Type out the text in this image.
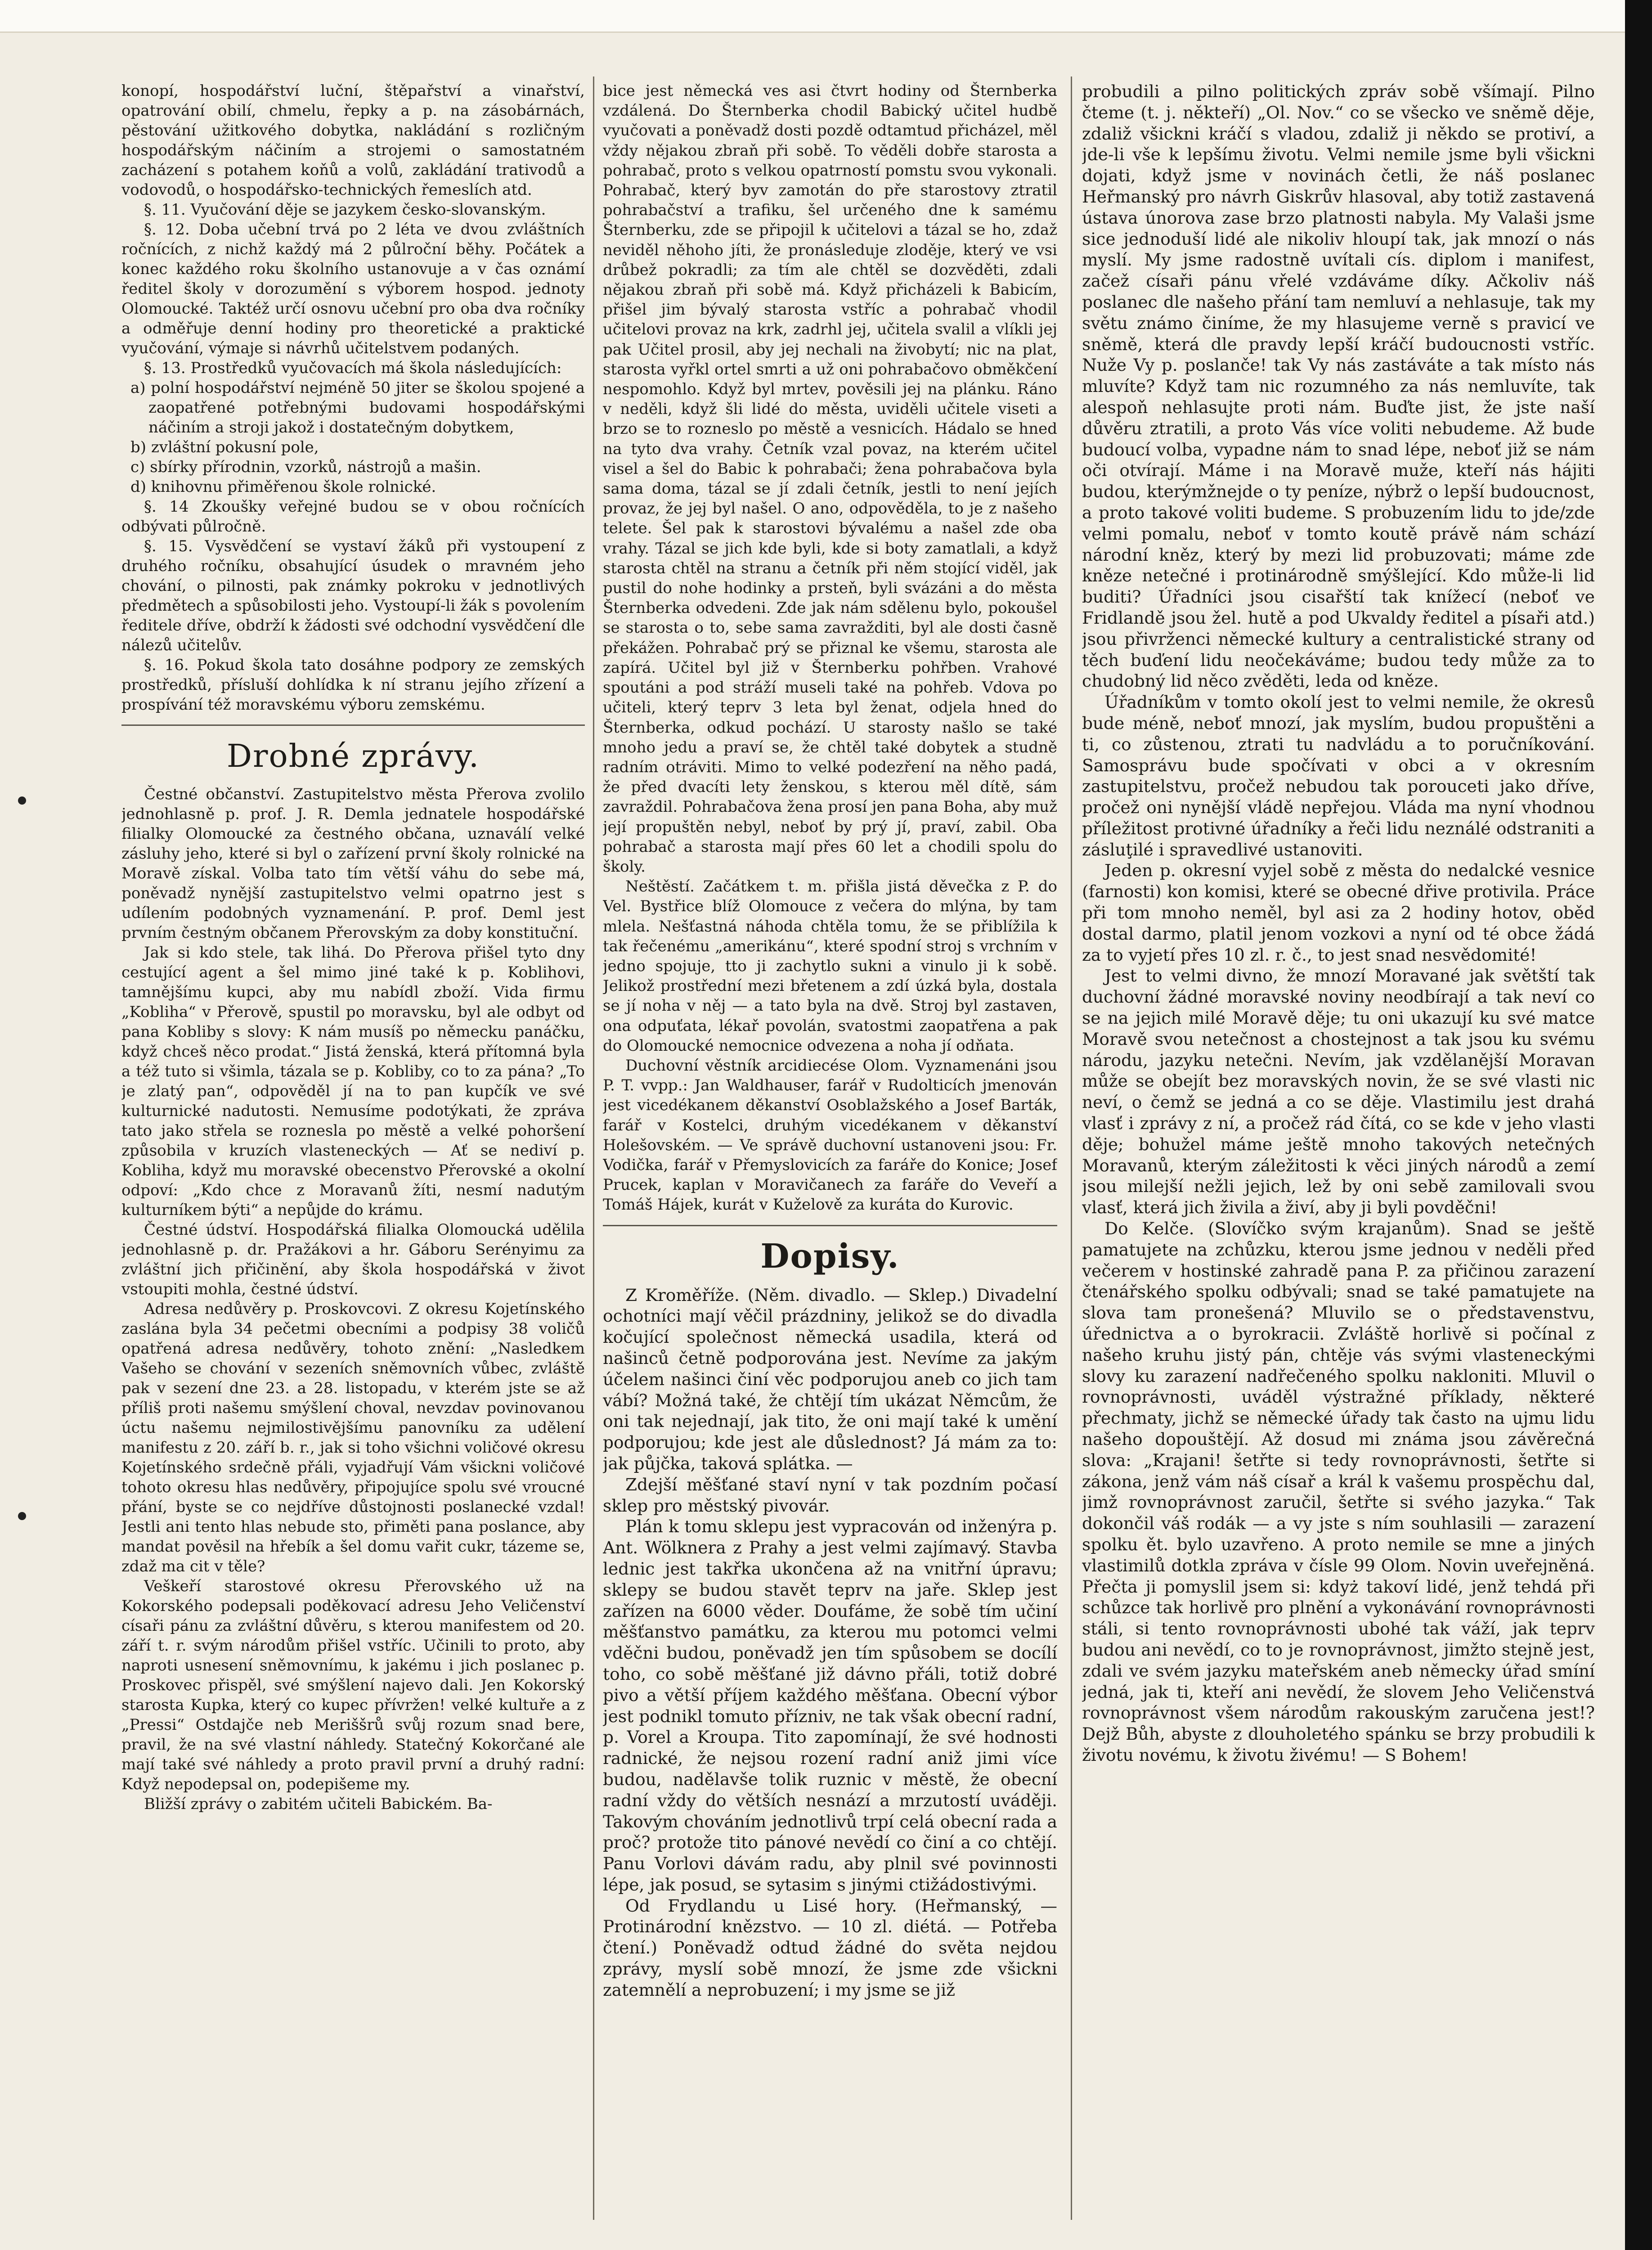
konopí, hospodářství luční, štěpařství a vinařství, opatrování obilí, chmelu, řepky a p. na zásobárnách, pěstování užitkového dobytka, nakládání s rozličným hospodářským náčiním a strojemi o samostatném zacházení s potahem koňů a volů, zakládání trativodů a vodovodů, o hospodářsko-technických řemeslích atd.

§. 11. Vyučování děje se jazykem česko-slovanským.

§. 12. Doba učební trvá po 2 léta ve dvou zvláštních ročnících, z nichž každý má 2 půlroční běhy. Počátek a konec každého roku školního ustanovuje a v čas oznámí ředitel školy v dorozumění s výborem hospod. jednoty Olomoucké. Taktéž určí osnovu učební pro oba dva ročníky a odměřuje denní hodiny pro theoretické a praktické vyučování, výmaje si návrhů učitelstvem podaných.

§. 13. Prostředků vyučovacích má škola následujících:

a) polní hospodářství nejméně 50 jiter se školou spojené a zaopatřené potřebnými budovami hospodářskými náčiním a stroji jakož i dostatečným dobytkem,

b) zvláštní pokusní pole,

c) sbírky přírodnin, vzorků, nástrojů a mašin.

d) knihovnu přiměřenou škole rolnické.

§. 14 Zkoušky veřejné budou se v obou ročnících odbývati půlročně.

§. 15. Vysvědčení se vystaví žáků při vystoupení z druhého ročníku, obsahující úsudek o mravném jeho chování, o pilnosti, pak známky pokroku v jednotlivých předmětech a spůsobilosti jeho. Vystoupí-li žák s povolením ředitele dříve, obdrží k žádosti své odchodní vysvědčení dle nálezů učitelův.

§. 16. Pokud škola tato dosáhne podpory ze zemských prostředků, přísluší dohlídka k ní stranu jejího zřízení a prospívání též moravskému výboru zemskému.

Drobné zprávy.

Čestné občanství. Zastupitelstvo města Přerova zvolilo jednohlasně p. prof. J. R. Demla jednatele hospodářské filialky Olomoucké za čestného občana, uznaválí velké zásluhy jeho, které si byl o zařízení první školy rolnické na Moravě získal. Volba tato tím větší váhu do sebe má, poněvadž nynější zastupitelstvo velmi opatrno jest s udílením podobných vyznamenání. P. prof. Deml jest prvním čestným občanem Přerovským za doby konstituční.

Jak si kdo stele, tak lihá. Do Přerova přišel tyto dny cestující agent a šel mimo jiné také k p. Koblihovi, tamnějšímu kupci, aby mu nabídl zboží. Vida firmu „Kobliha“ v Přerově, spustil po moravsku, byl ale odbyt od pana Kobliby s slovy: K nám musíš po německu panáčku, když chceš něco prodat.“ Jistá ženská, která přítomná byla a též tuto si všimla, tázala se p. Kobliby, co to za pána? „To je zlatý pan“, odpověděl jí na to pan kupčík ve své kulturnické nadutosti. Nemusíme podotýkati, že zpráva tato jako střela se roznesla po městě a velké pohoršení způsobila v kruzích vlasteneckých — Ať se nediví p. Kobliha, když mu moravské obecenstvo Přerovské a okolní odpoví: „Kdo chce z Moravanů žíti, nesmí nadutým kulturníkem býti“ a nepůjde do krámu.

Čestné údství. Hospodářská filialka Olomoucká udělila jednohlasně p. dr. Pražákovi a hr. Gáboru Serényimu za zvláštní jich přičinění, aby škola hospodářská v život vstoupiti mohla, čestné údství.

Adresa nedůvěry p. Proskovcovi. Z okresu Kojetínského zaslána byla 34 pečetmi obecními a podpisy 38 voličů opatřená adresa nedůvěry, tohoto znění: „Nasledkem Vašeho se chování v sezeních sněmovních vůbec, zvláště pak v sezení dne 23. a 28. listopadu, v kterém jste se až příliš proti našemu smýšlení choval, nevzdav povinovanou úctu našemu nejmilostivějšímu panovníku za udělení manifestu z 20. září b. r., jak si toho všichni voličové okresu Kojetínského srdečně přáli, vyjadřují Vám všickni voličové tohoto okresu hlas nedůvěry, připojujíce spolu své vroucné přání, byste se co nejdříve důstojnosti poslanecké vzdal! Jestli ani tento hlas nebude sto, přiměti pana poslance, aby mandat pověsil na hřebík a šel domu vařit cukr, tázeme se, zdaž ma cit v těle?

Veškeří starostové okresu Přerovského už na Kokorského podepsali poděkovací adresu Jeho Veličenství císaři pánu za zvláštní důvěru, s kterou manifestem od 20. září t. r. svým národům přišel vstříc. Učinili to proto, aby naproti usnesení sněmovnímu, k jakému i jich poslanec p. Proskovec přispěl, své smýšlení najevo dali. Jen Kokorský starosta Kupka, který co kupec přívržen! velké kultuře a z „Pressi“ Ostdajče neb Meriššrů svůj rozum snad bere, pravil, že na své vlastní náhledy. Statečný Kokorčané ale mají také své náhledy a proto pravil první a druhý radní: Když nepodepsal on, podepišeme my.

Bližší zprávy o zabitém učiteli Babickém. Ba-

bice jest německá ves asi čtvrt hodiny od Šternberka vzdálená. Do Šternberka chodil Babický učitel hudbě vyučovati a poněvadž dosti pozdě odtamtud přicházel, měl vždy nějakou zbraň při sobě. To věděli dobře starosta a pohrabač, proto s velkou opatrností pomstu svou vykonali. Pohrabač, který byv zamotán do pře starostovy ztratil pohrabačství a trafiku, šel určeného dne k samému Šternberku, zde se připojil k učitelovi a tázal se ho, zdaž neviděl něhoho jíti, že pronásleduje zloděje, který ve vsi drůbež pokradli; za tím ale chtěl se dozvěděti, zdali nějakou zbraň při sobě má. Když přicházeli k Babicím, přišel jim bývalý starosta vstříc a pohrabač vhodil učitelovi provaz na krk, zadrhl jej, učitela svalil a vlíkli jej pak Učitel prosil, aby jej nechali na živobytí; nic na plat, starosta vyřkl ortel smrti a už oni pohrabačovo obměkčení nespomohlo. Když byl mrtev, pověsili jej na plánku. Ráno v neděli, když šli lidé do města, uviděli učitele viseti a brzo se to rozneslo po městě a vesnicích. Hádalo se hned na tyto dva vrahy. Četník vzal povaz, na kterém učitel visel a šel do Babic k pohrabači; žena pohrabačova byla sama doma, tázal se jí zdali četník, jestli to není jejích provaz, že jej byl našel. O ano, odpověděla, to je z našeho telete. Šel pak k starostovi bývalému a našel zde oba vrahy. Tázal se jich kde byli, kde si boty zamatlali, a když starosta chtěl na stranu a četník při něm stojící viděl, jak pustil do nohe hodinky a prsteň, byli svázáni a do města Šternberka odvedeni. Zde jak nám sdělenu bylo, pokoušel se starosta o to, sebe sama zavražditi, byl ale dosti časně překážen. Pohrabač prý se přiznal ke všemu, starosta ale zapírá. Učitel byl již v Šternberku pohřben. Vrahové spoutáni a pod stráží museli také na pohřeb. Vdova po učiteli, který teprv 3 leta byl ženat, odjela hned do Šternberka, odkud pochází. U starosty našlo se také mnoho jedu a praví se, že chtěl také dobytek a studně radním otráviti. Mimo to velké podezření na něho padá, že před dvacíti lety ženskou, s kterou měl dítě, sám zavraždil. Pohrabačova žena prosí jen pana Boha, aby muž její propuštěn nebyl, neboť by prý jí, praví, zabil. Oba pohrabač a starosta mají přes 60 let a chodili spolu do školy.

Neštěstí. Začátkem t. m. přišla jistá děvečka z P. do Vel. Bystřice blíž Olomouce z večera do mlýna, by tam mlela. Nešťastná náhoda chtěla tomu, že se přiblížila k tak řečenému „amerikánu“, které spodní stroj s vrchním v jedno spojuje, tto ji zachytlo sukni a vinulo ji k sobě. Jelikož prostřední mezi břetenem a zdí úzká byla, dostala se jí noha v něj — a tato byla na dvě. Stroj byl zastaven, ona odpuťata, lékař povolán, svatostmi zaopatřena a pak do Olomoucké nemocnice odvezena a noha jí odňata.

Duchovní věstník arcidiecése Olom. Vyznamenáni jsou P. T. vvpp.: Jan Waldhauser, farář v Rudolticích jmenován jest vicedékanem děkanství Osoblažského a Josef Barták, farář v Kostelci, druhým vicedékanem v děkanství Holešovském. — Ve správě duchovní ustanoveni jsou: Fr. Vodička, farář v Přemyslovicích za faráře do Konice; Josef Prucek, kaplan v Moravičanech za faráře do Veveří a Tomáš Hájek, kurát v Kuželově za kuráta do Kurovic.

Dopisy.

Z Kroměříže. (Něm. divadlo. — Sklep.) Divadelní ochotníci mají věčil prázdniny, jelikož se do divadla kočující společnost německá usadila, která od našinců četně podporována jest. Nevíme za jakým účelem našinci činí věc podporujou aneb co jich tam vábí? Možná také, že chtějí tím ukázat Němcům, že oni tak nejednají, jak tito, že oni mají také k umění podporujou; kde jest ale důslednost? Já mám za to: jak půjčka, taková splátka. —

Zdejší měšťané staví nyní v tak pozdním počasí sklep pro městský pivovár.

Plán k tomu sklepu jest vypracován od inženýra p. Ant. Wölknera z Prahy a jest velmi zajímavý. Stavba lednic jest takřka ukončena až na vnitřní úpravu; sklepy se budou stavět teprv na jaře. Sklep jest zařízen na 6000 věder. Doufáme, že sobě tím učiní měšťanstvo památku, za kterou mu potomci velmi vděčni budou, poněvadž jen tím spůsobem se docílí toho, co sobě měšťané již dávno přáli, totiž dobré pivo a větší příjem každého měšťana. Obecní výbor jest podnikl tomuto přízniv, ne tak však obecní radní, p. Vorel a Kroupa. Tito zapomínají, že své hodnosti radnické, že nejsou rození radní aniž jimi více budou, nadělavše tolik ruznic v městě, že obecní radní vždy do větších nesnází a mrzutostí uváději. Takovým chováním jednotlivů trpí celá obecní rada a proč? protože tito pánové nevědí co činí a co chtějí. Panu Vorlovi dávám radu, aby plnil své povinnosti lépe, jak posud, se sytasim s jinými ctižádostivými.

Od Frydlandu u Lisé hory. (Heřmanský, — Protinárodní knězstvo. — 10 zl. diétá. — Potřeba čtení.) Poněvadž odtud žádné do světa nejdou zprávy, myslí sobě mnozí, že jsme zde všickni zatemnělí a neprobuzení; i my jsme se již

probudili a pilno politických zpráv sobě všímají. Pilno čteme (t. j. někteří) „Ol. Nov.“ co se všecko ve sněmě děje, zdaliž všickni kráčí s vladou, zdaliž ji někdo se protiví, a jde-li vše k lepšímu životu. Velmi nemile jsme byli všickni dojati, když jsme v novinách četli, že náš poslanec Heřmanský pro návrh Giskrův hlasoval, aby totiž zastavená ústava únorova zase brzo platnosti nabyla. My Valaši jsme sice jednoduší lidé ale nikoliv hloupí tak, jak mnozí o nás myslí. My jsme radostně uvítali cís. diplom i manifest, začež císaři pánu vřelé vzdáváme díky. Ačkoliv náš poslanec dle našeho přání tam nemluví a nehlasuje, tak my světu známo činíme, že my hlasujeme verně s pravicí ve sněmě, která dle pravdy lepší kráčí budoucnosti vstříc. Nuže Vy p. poslanče! tak Vy nás zastáváte a tak místo nás mluvíte? Když tam nic rozumného za nás nemluvíte, tak alespoň nehlasujte proti nám. Buďte jist, že jste naší důvěru ztratili, a proto Vás více voliti nebudeme. Až bude budoucí volba, vypadne nám to snad lépe, neboť již se nám oči otvírají. Máme i na Moravě muže, kteří nás hájiti budou, kterýmžnejde o ty peníze, nýbrž o lepší budoucnost, a proto takové voliti budeme. S probuzením lidu to jde/zde velmi pomalu, neboť v tomto koutě právě nám schází národní kněz, který by mezi lid probuzovati; máme zde kněze netečné i protinárodně smýšlející. Kdo může-li lid buditi? Úřadníci jsou cisařští tak knížecí (neboť ve Fridlandě jsou žel. hutě a pod Ukvaldy ředitel a písaři atd.) jsou přivrženci německé kultury a centralistické strany od těch buďení lidu neočekáváme; budou tedy může za to chudobný lid něco zvěděti, leda od kněze.

Úřadníkům v tomto okolí jest to velmi nemile, že okresů bude méně, neboť mnozí, jak myslím, budou propuštěni a ti, co zůstenou, ztrati tu nadvládu a to poručníkování. Samosprávu bude spočívati v obci a v okresním zastupitelstvu, pročež nebudou tak porouceti jako dříve, pročež oni nynější vládě nepřejou. Vláda ma nyní vhodnou příležitost protivné úřadníky a řeči lidu neználé odstraniti a zásluţilé i spravedlivé ustanoviti.

Jeden p. okresní vyjel sobě z města do nedalcké vesnice (farnosti) kon komisi, které se obecné dřive protivila. Práce při tom mnoho neměl, byl asi za 2 hodiny hotov, oběd dostal darmo, platil jenom vozkovi a nyní od té obce žádá za to vyjetí přes 10 zl. r. č., to jest snad nesvědomité!

Jest to velmi divno, že mnozí Moravané jak světští tak duchovní žádné moravské noviny neodbírají a tak neví co se na jejich milé Moravě děje; tu oni ukazují ku své matce Moravě svou netečnost a chostejnost a tak jsou ku svému národu, jazyku netečni. Nevím, jak vzdělanější Moravan může se obejít bez moravských novin, že se své vlasti nic neví, o čemž se jedná a co se děje. Vlastimilu jest drahá vlasť i zprávy z ní, a pročež rád čítá, co se kde v jeho vlasti děje; bohužel máme ještě mnoho takových netečných Moravanů, kterým záležitosti k věci jiných národů a zemí jsou milejší nežli jejich, lež by oni sebě zamilovali svou vlasť, která jich živila a živí, aby ji byli povděčni!

Do Kelče. (Slovíčko svým krajanům). Snad se ještě pamatujete na zchůzku, kterou jsme jednou v neděli před večerem v hostinské zahradě pana P. za přičinou zarazení čtenářského spolku odbývali; snad se také pamatujete na slova tam pronešená? Mluvilo se o představenstvu, úřednictva a o byrokracii. Zvláště horlivě si počínal z našeho kruhu jistý pán, chtěje vás svými vlasteneckými slovy ku zarazení nadřečeného spolku nakloniti. Mluvil o rovnoprávnosti, uváděl výstražné příklady, některé přechmaty, jichž se německé úřady tak často na ujmu lidu našeho dopouštějí. Až dosud mi známa jsou závěrečná slova: „Krajani! šetřte si tedy rovnoprávnosti, šetřte si zákona, jenž vám náš císař a král k vašemu prospěchu dal, jimž rovnoprávnost zaručil, šetřte si svého jazyka.“ Tak dokončil váš rodák — a vy jste s ním souhlasili — zarazení spolku ět. bylo uzavřeno. A proto nemile se mne a jiných vlastimilů dotkla zpráva v čísle 99 Olom. Novin uveřejněná. Přečta ji pomyslil jsem si: kdyż takoví lidé, jenž tehdá při schůzce tak horlivě pro plnění a vykonávání rovnoprávnosti stáli, si tento rovnoprávnosti ubohé tak váží, jak teprv budou ani nevědí, co to je rovnoprávnost, jimžto stejně jest, zdali ve svém jazyku mateřském aneb německy úřad smíní jedná, jak ti, kteří ani nevědí, že slovem Jeho Veličenstvá rovnoprávnost všem národům rakouským zaručena jest!? Dejž Bůh, abyste z dlouholetého spánku se brzy probudili k životu novému, k životu živému! — S Bohem!
